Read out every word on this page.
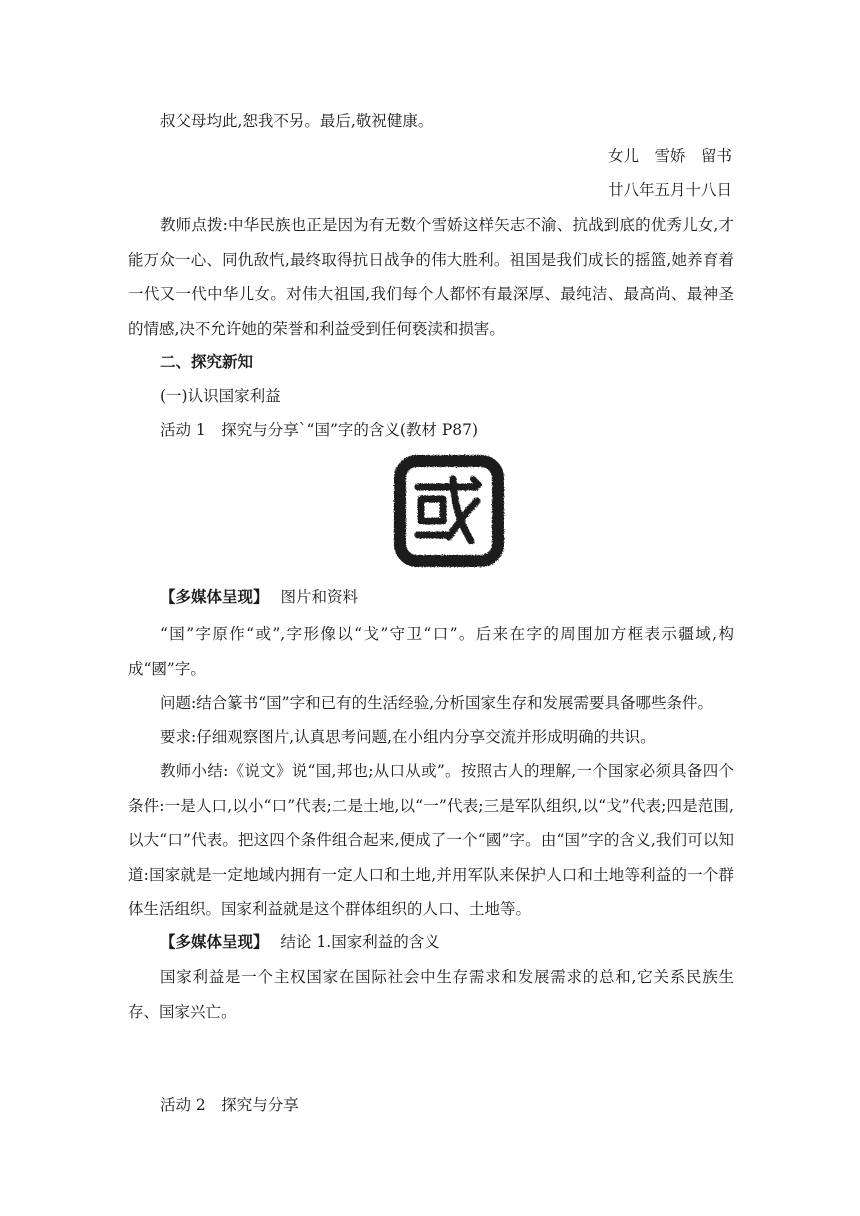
叔父母均此,恕我不另。最后,敬祝健康。
女儿　雪娇　留书
廿八年五月十八日
教师点拨:中华民族也正是因为有无数个雪娇这样矢志不渝、抗战到底的优秀儿女,才能万众一心、同仇敌忾,最终取得抗日战争的伟大胜利。祖国是我们成长的摇篮,她养育着一代又一代中华儿女。对伟大祖国,我们每个人都怀有最深厚、最纯洁、最高尚、最神圣的情感,决不允许她的荣誉和利益受到任何亵渎和损害。
二、探究新知
(一)认识国家利益
活动 1　探究与分享`“国”字的含义(教材 P87)
【多媒体呈现】 图片和资料
“国”字原作“或”,字形像以“戈”守卫“口”。后来在字的周围加方框表示疆域,构成“國”字。
问题:结合篆书“国”字和已有的生活经验,分析国家生存和发展需要具备哪些条件。
要求:仔细观察图片,认真思考问题,在小组内分享交流并形成明确的共识。
教师小结:《说文》说“国,邦也;从口从或”。按照古人的理解,一个国家必须具备四个条件:一是人口,以小“口”代表;二是土地,以“一”代表;三是军队组织,以“戈”代表;四是范围,以大“口”代表。把这四个条件组合起来,便成了一个“國”字。由“国”字的含义,我们可以知道:国家就是一定地域内拥有一定人口和土地,并用军队来保护人口和土地等利益的一个群体生活组织。国家利益就是这个群体组织的人口、土地等。
【多媒体呈现】 结论 1.国家利益的含义
国家利益是一个主权国家在国际社会中生存需求和发展需求的总和,它关系民族生存、国家兴亡。
活动 2　探究与分享
